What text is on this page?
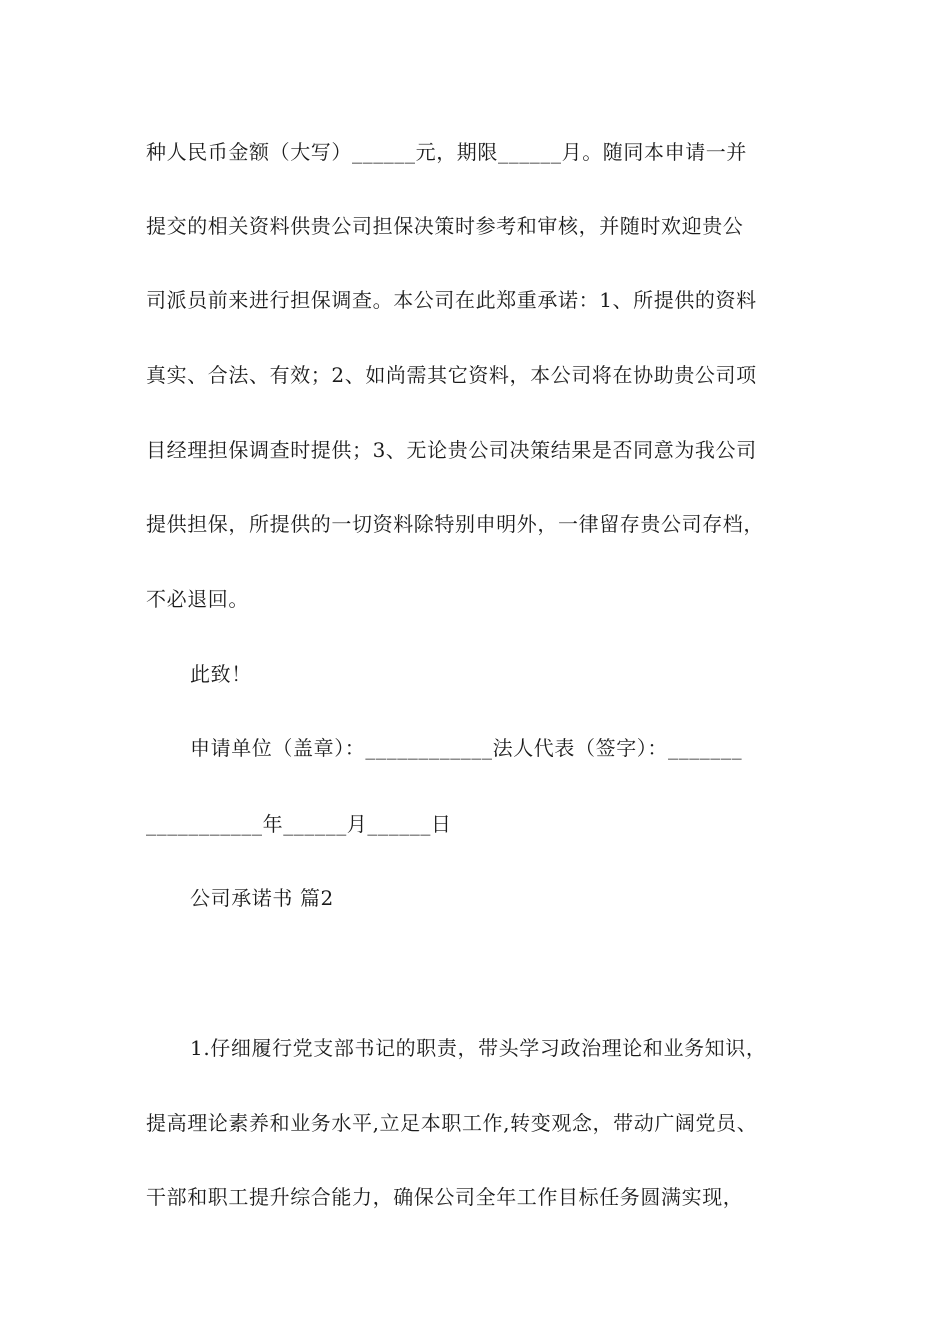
种人民币金额（大写）______元，期限______月。随同本申请一并
提交的相关资料供贵公司担保决策时参考和审核，并随时欢迎贵公
司派员前来进行担保调查。本公司在此郑重承诺：1、所提供的资料
真实、合法、有效；2、如尚需其它资料，本公司将在协助贵公司项
目经理担保调查时提供；3、无论贵公司决策结果是否同意为我公司
提供担保，所提供的一切资料除特别申明外，一律留存贵公司存档，
不必退回。
此致！
申请单位（盖章）：____________法人代表（签字）：_______
___________年______月______日
公司承诺书 篇2
1.仔细履行党支部书记的职责，带头学习政治理论和业务知识，
提高理论素养和业务水平,立足本职工作,转变观念，带动广阔党员、
干部和职工提升综合能力，确保公司全年工作目标任务圆满实现，
